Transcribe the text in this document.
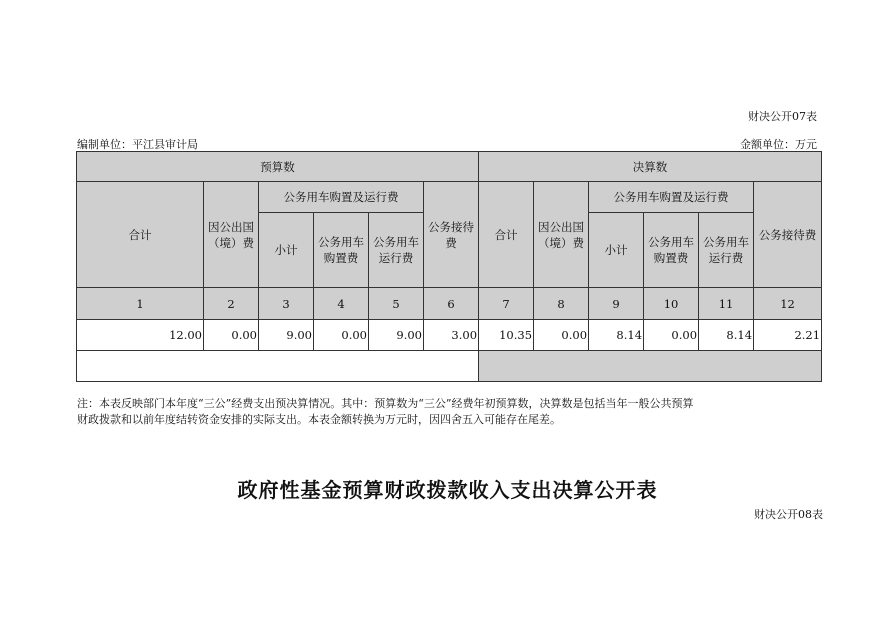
财决公开07表
编制单位：平江县审计局	金额单位：万元
预算数						决算数					
合计	因公出国（境）费	公务用车购置及运行费			公务接待费	合计	因公出国（境）费	公务用车购置及运行费			公务接待费
		小计	公务用车购置费	公务用车运行费				小计	公务用车购置费	公务用车运行费	
1	2	3	4	5	6	7	8	9	10	11	12
12.00	0.00	9.00	0.00	9.00	3.00	10.35	0.00	8.14	0.00	8.14	2.21

注：本表反映部门本年度“三公”经费支出预决算情况。其中：预算数为“三公”经费年初预算数，决算数是包括当年一般公共预算
财政拨款和以前年度结转资金安排的实际支出。本表金额转换为万元时，因四舍五入可能存在尾差。
政府性基金预算财政拨款收入支出决算公开表
财决公开08表
